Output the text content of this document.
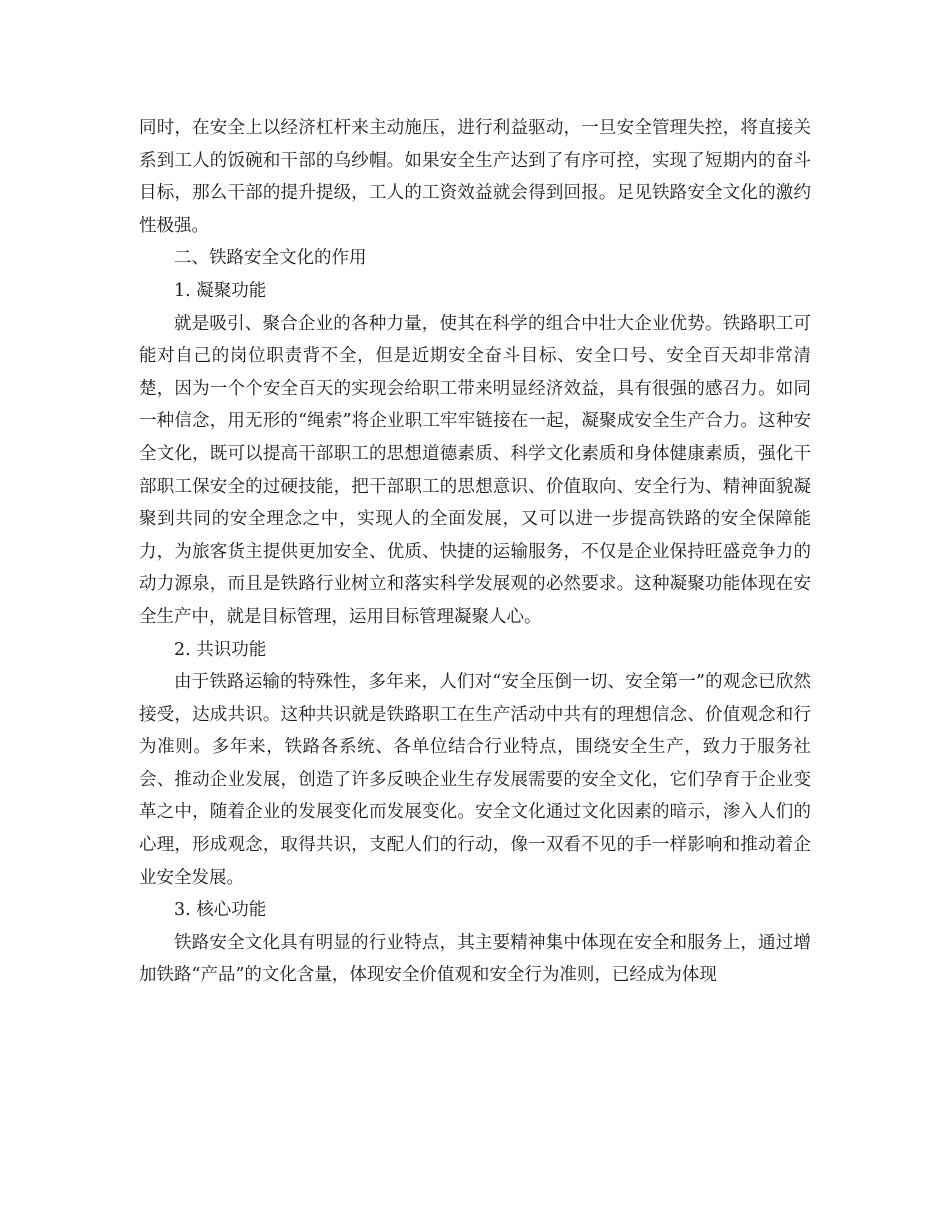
同时，在安全上以经济杠杆来主动施压，进行利益驱动，一旦安全管理失控，将直接关系到工人的饭碗和干部的乌纱帽。如果安全生产达到了有序可控，实现了短期内的奋斗目标，那么干部的提升提级，工人的工资效益就会得到回报。足见铁路安全文化的激约性极强。

二、铁路安全文化的作用

1. 凝聚功能

就是吸引、聚合企业的各种力量，使其在科学的组合中壮大企业优势。铁路职工可能对自己的岗位职责背不全，但是近期安全奋斗目标、安全口号、安全百天却非常清楚，因为一个个安全百天的实现会给职工带来明显经济效益，具有很强的感召力。如同一种信念，用无形的“绳索”将企业职工牢牢链接在一起，凝聚成安全生产合力。这种安全文化，既可以提高干部职工的思想道德素质、科学文化素质和身体健康素质，强化干部职工保安全的过硬技能，把干部职工的思想意识、价值取向、安全行为、精神面貌凝聚到共同的安全理念之中，实现人的全面发展，又可以进一步提高铁路的安全保障能力，为旅客货主提供更加安全、优质、快捷的运输服务，不仅是企业保持旺盛竞争力的动力源泉，而且是铁路行业树立和落实科学发展观的必然要求。这种凝聚功能体现在安全生产中，就是目标管理，运用目标管理凝聚人心。

2. 共识功能

由于铁路运输的特殊性，多年来，人们对“安全压倒一切、安全第一”的观念已欣然接受，达成共识。这种共识就是铁路职工在生产活动中共有的理想信念、价值观念和行为准则。多年来，铁路各系统、各单位结合行业特点，围绕安全生产，致力于服务社会、推动企业发展，创造了许多反映企业生存发展需要的安全文化，它们孕育于企业变革之中，随着企业的发展变化而发展变化。安全文化通过文化因素的暗示，渗入人们的心理，形成观念，取得共识，支配人们的行动，像一双看不见的手一样影响和推动着企业安全发展。

3. 核心功能

铁路安全文化具有明显的行业特点，其主要精神集中体现在安全和服务上，通过增加铁路“产品”的文化含量，体现安全价值观和安全行为准则，已经成为体现
